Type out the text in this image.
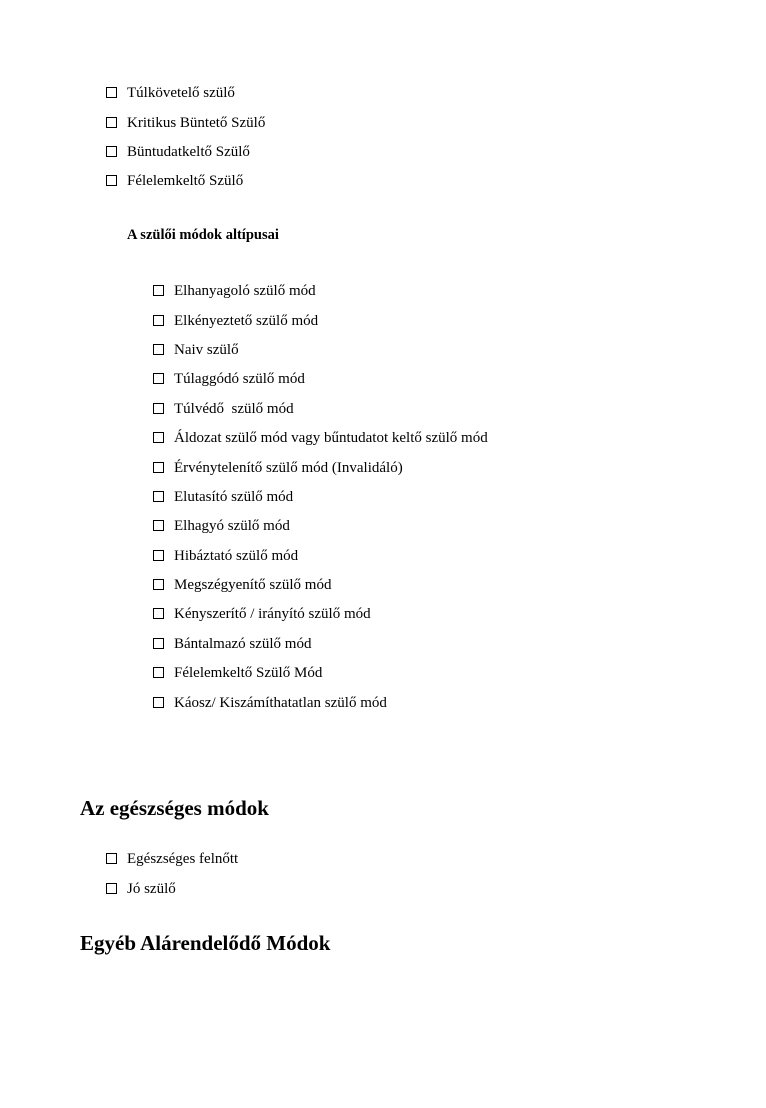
Túlkövetelő szülő
Kritikus Büntető Szülő
Büntudatkeltő Szülő
Félelemkeltő Szülő
A szülői módok altípusai
Elhanyagoló szülő mód
Elkényeztető szülő mód
Naiv szülő
Túlaggódó szülő mód
Túlvédő  szülő mód
Áldozat szülő mód vagy bűntudatot keltő szülő mód
Érvénytelenítő szülő mód (Invalidáló)
Elutasító szülő mód
Elhagyó szülő mód
Hibáztató szülő mód
Megszégyenítő szülő mód
Kényszerítő / irányító szülő mód
Bántalmazó szülő mód
Félelemkeltő Szülő Mód
Káosz/ Kiszámíthatatlan szülő mód
Az egészséges módok
Egészséges felnőtt
Jó szülő
Egyéb Alárendelődő Módok
